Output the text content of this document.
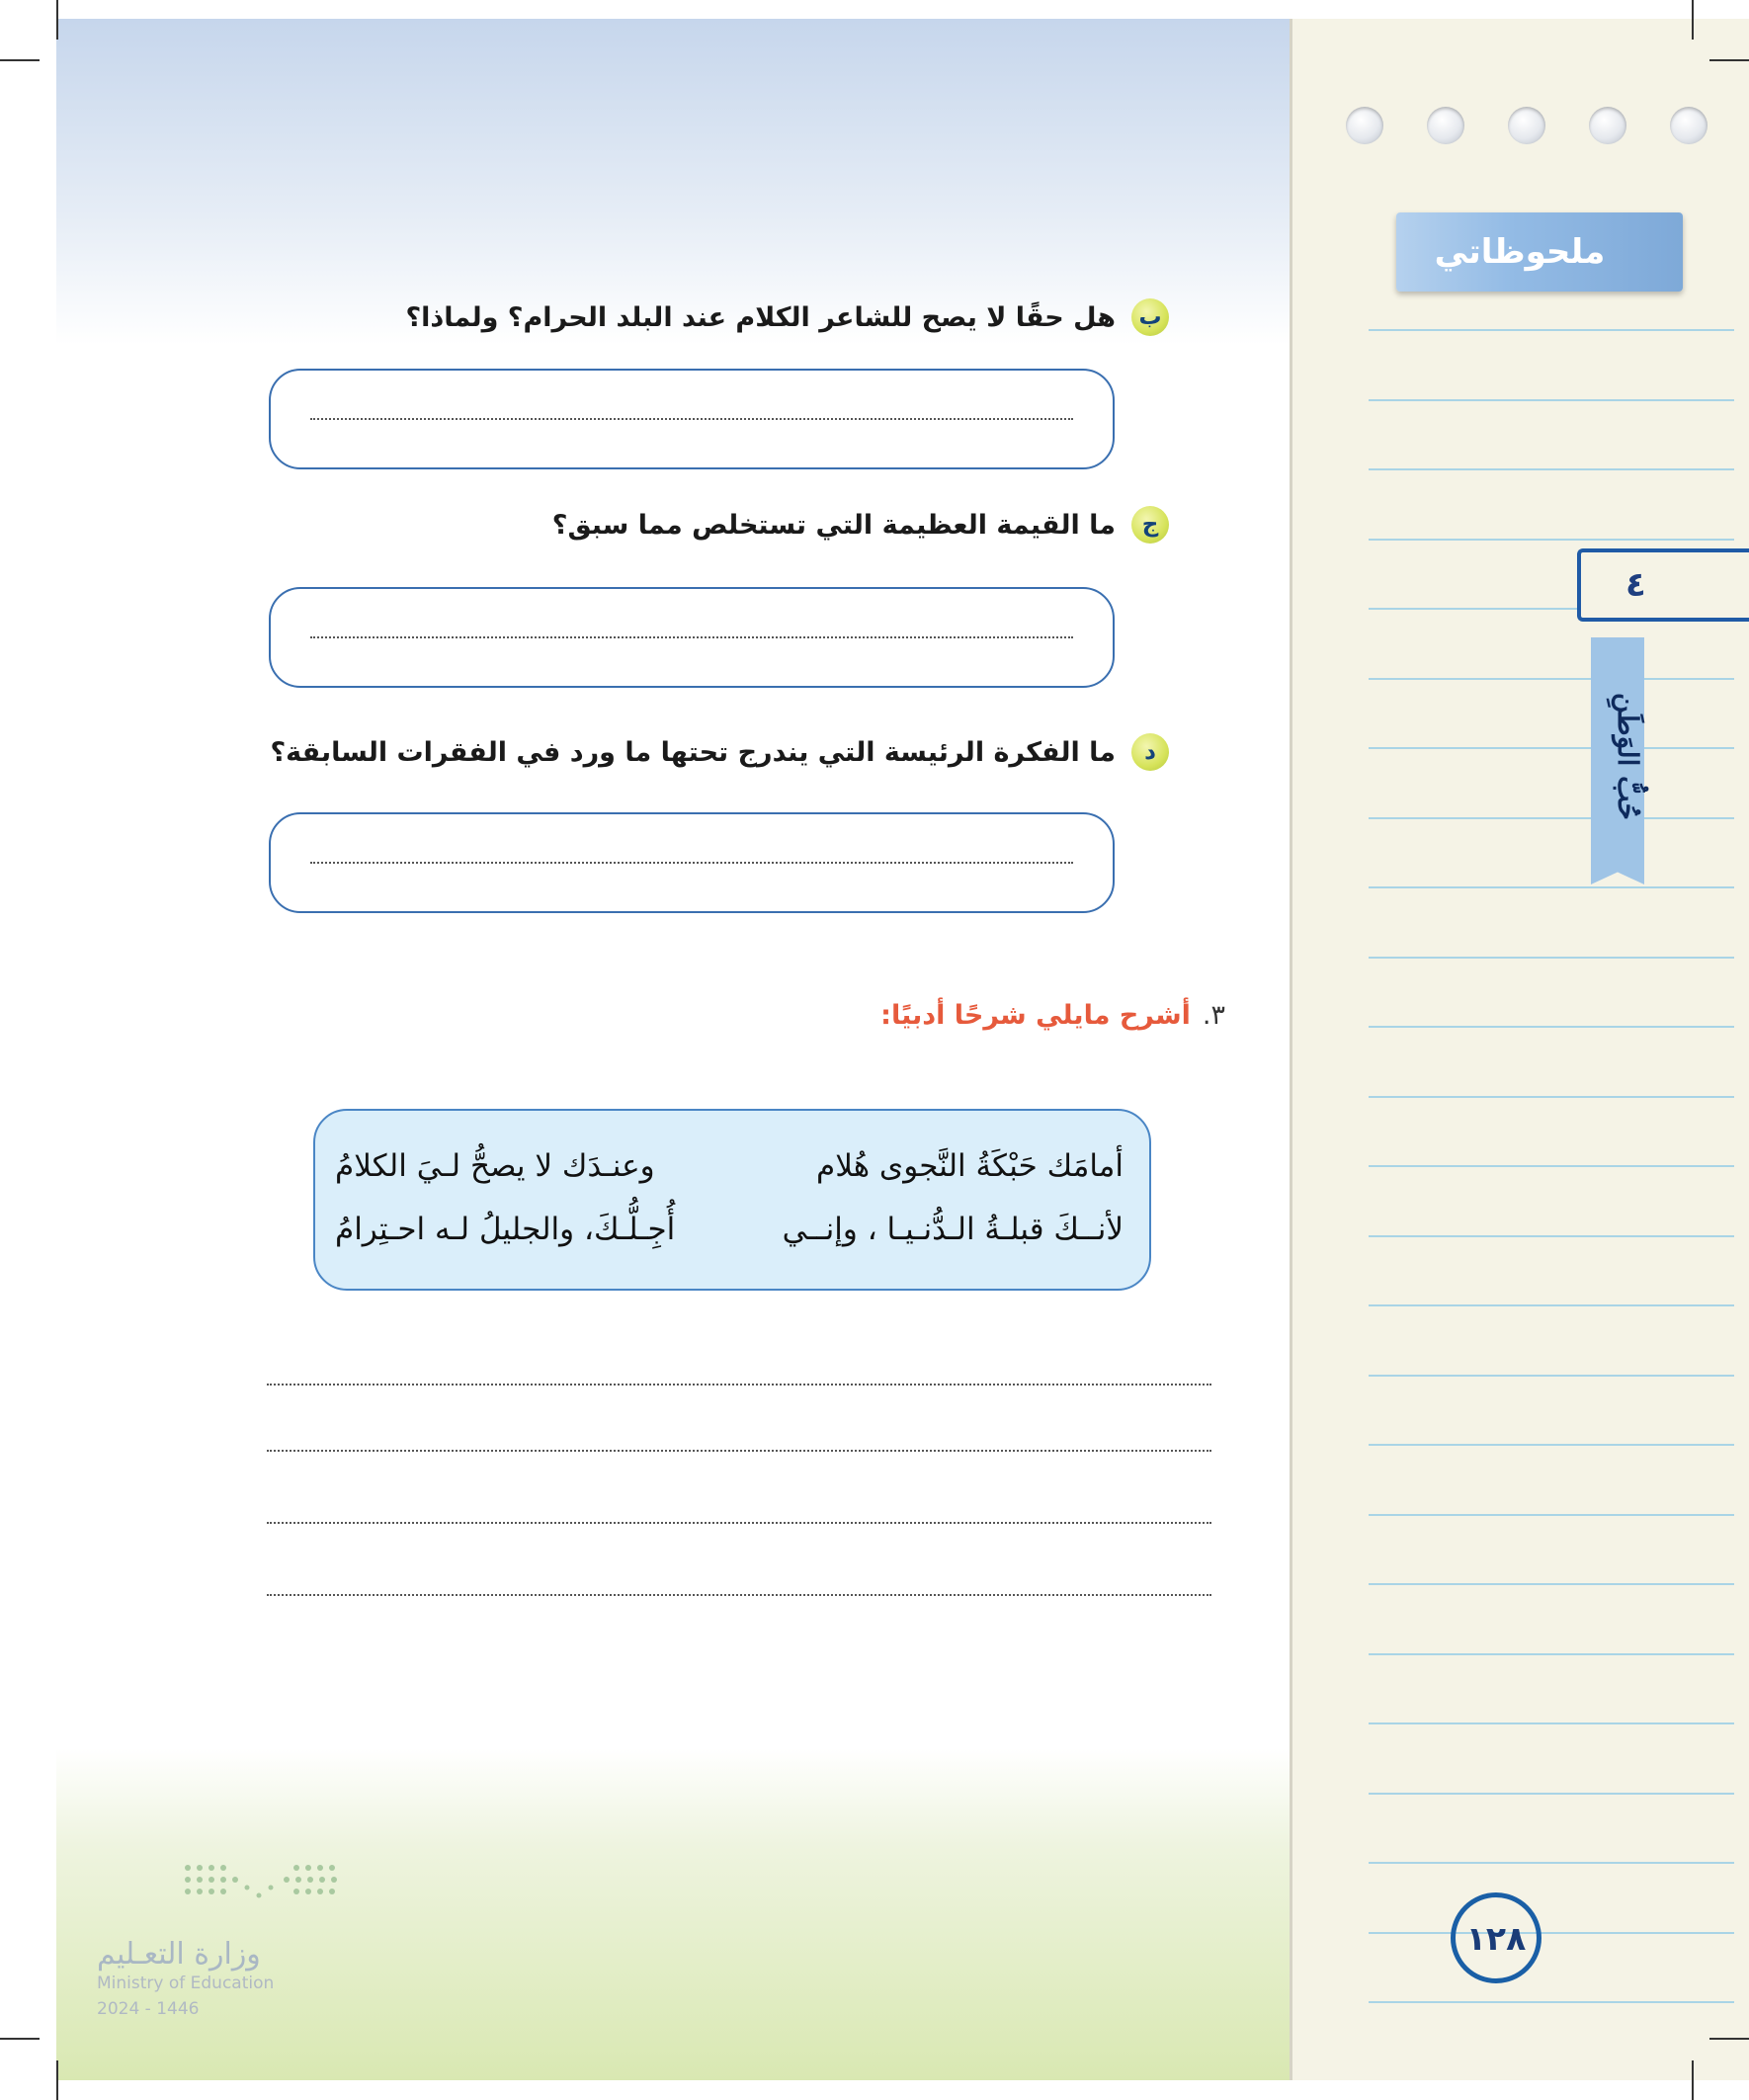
ملحوظاتي
٤
حُبُّ الوَطَنِ
١٢٨
ب
هل حقًا لا يصح للشاعر الكلام عند البلد الحرام؟ ولماذا؟
ج
ما القيمة العظيمة التي تستخلص مما سبق؟
د
ما الفكرة الرئيسة التي يندرج تحتها ما ورد في الفقرات السابقة؟
٣.
أشرح مايلي شرحًا أدبيًا:
أمامَك حَبْكَةُ النَّجوى هُلام
وعنـدَك لا يصحُّ لـيَ الكلامُ
لأنــكَ قبلـةُ الـدُّنـيـا ، وإنــي
أُجِـلُّـكَ، والجليلُ لـه احـتِرامُ
وزارة التعـليم
Ministry of Education
2024 - 1446
